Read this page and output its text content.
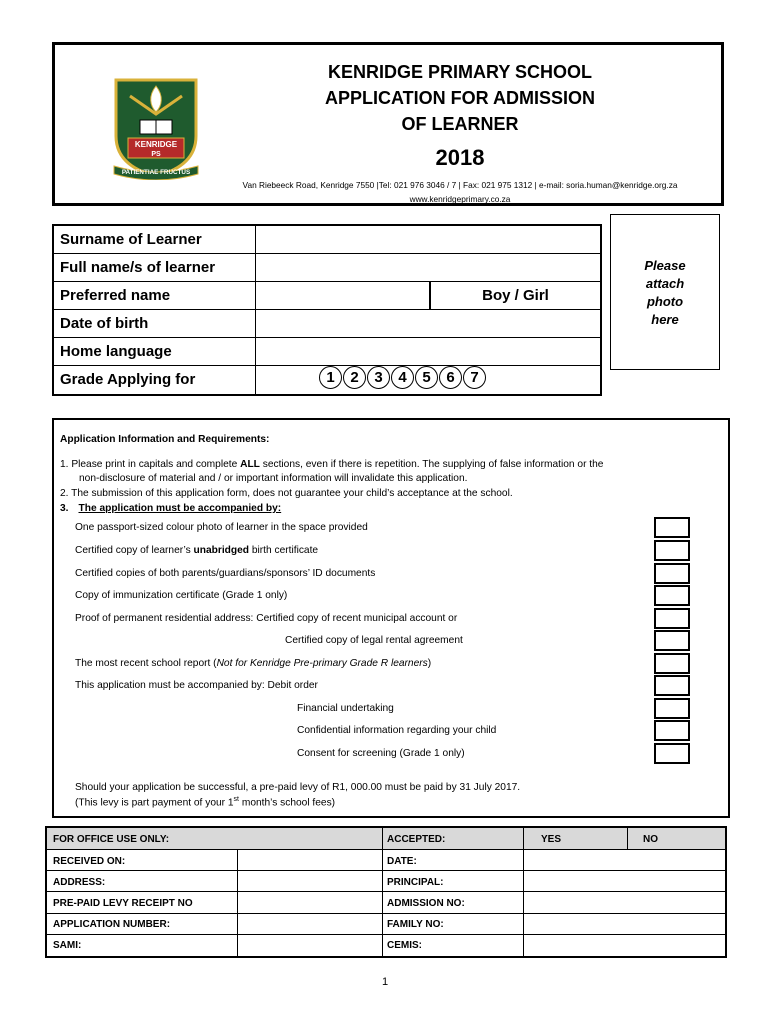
KENRIDGE
PS
PATIENTIAE FRUCTUS
KENRIDGE PRIMARY SCHOOL
APPLICATION FOR ADMISSION
OF LEARNER
2018
Van Riebeeck Road, Kenridge 7550 |Tel: 021 976 3046 / 7 | Fax: 021 975 1312 | e-mail: soria.human@kenridge.org.za
www.kenridgeprimary.co.za
Surname of Learner
Full name/s of learner
Preferred name	Boy / Girl
Date of birth
Home language
Grade Applying for	1	2	3	4	5	6	7
Please
attach
photo
here
Application Information and Requirements:
1. Please print in capitals and complete ALL sections, even if there is repetition. The supplying of false information or the
non-disclosure of material and / or important information will invalidate this application.
2. The submission of this application form, does not guarantee your child’s acceptance at the school.
3. The application must be accompanied by:
One passport-sized colour photo of learner in the space provided
Certified copy of learner’s unabridged birth certificate
Certified copies of both parents/guardians/sponsors’ ID documents
Copy of immunization certificate (Grade 1 only)
Proof of permanent residential address: Certified copy of recent municipal account or
Certified copy of legal rental agreement
The most recent school report (Not for Kenridge Pre-primary Grade R learners)
This application must be accompanied by: Debit order
Financial undertaking
Confidential information regarding your child
Consent for screening (Grade 1 only)
Should your application be successful, a pre-paid levy of R1, 000.00 must be paid by 31 July 2017.
(This levy is part payment of your 1st month’s school fees)
FOR OFFICE USE ONLY:	ACCEPTED:	YES	NO
RECEIVED ON:	DATE:
ADDRESS:	PRINCIPAL:
PRE-PAID LEVY RECEIPT NO	ADMISSION NO:
APPLICATION NUMBER:	FAMILY NO:
SAMI:	CEMIS:
1
